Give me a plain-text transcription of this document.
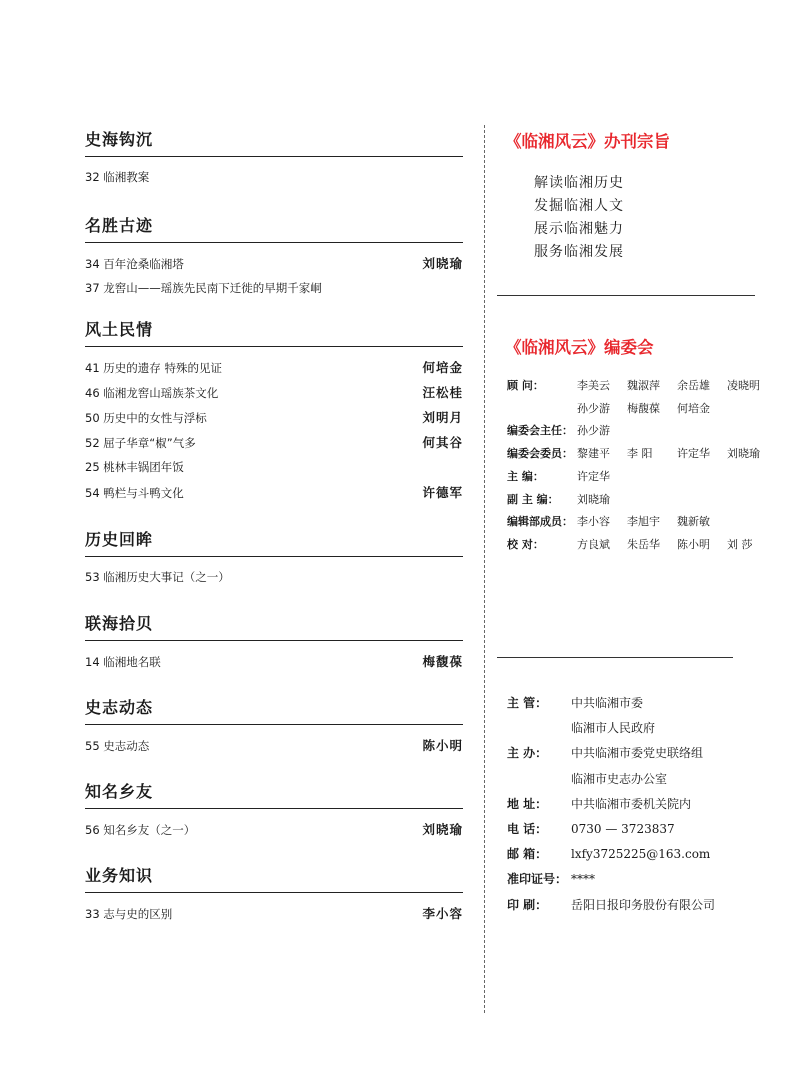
史海钩沉
32 临湘教案
名胜古迹
34 百年沧桑临湘塔	刘晓瑜
37 龙窖山——瑶族先民南下迁徙的早期千家峒
风土民情
41 历史的遗存 特殊的见证	何培金
46 临湘龙窖山瑶族茶文化	汪松桂
50 历史中的女性与浮标	刘明月
52 屈子华章“椒”气多	何其谷
25 桃林丰锅团年饭
54 鸭栏与斗鸭文化	许德军
历史回眸
53 临湘历史大事记（之一）
联海拾贝
14 临湘地名联	梅馥葆
史志动态
55 史志动态	陈小明
知名乡友
56 知名乡友（之一）	刘晓瑜
业务知识
33 志与史的区别	李小容
《临湘风云》办刊宗旨
解读临湘历史
发掘临湘人文
展示临湘魅力
服务临湘发展
《临湘风云》编委会
顾 问：	李美云	魏淑萍	余岳雄	凌晓明
孙少游	梅馥葆	何培金
编委会主任： 孙少游
编委会委员： 黎建平	李 阳	许定华	刘晓瑜
主 编：	许定华
副 主 编：	刘晓瑜
编辑部成员： 李小容	李旭宇	魏新敏
校 对：	方良斌	朱岳华	陈小明	刘 莎
主 管：	中共临湘市委
临湘市人民政府
主 办：	中共临湘市委党史联络组
临湘市史志办公室
地 址：	中共临湘市委机关院内
电 话：	0730 — 3723837
邮 箱：	lxfy3725225@163.com
准印证号： ****
印 刷：	岳阳日报印务股份有限公司
